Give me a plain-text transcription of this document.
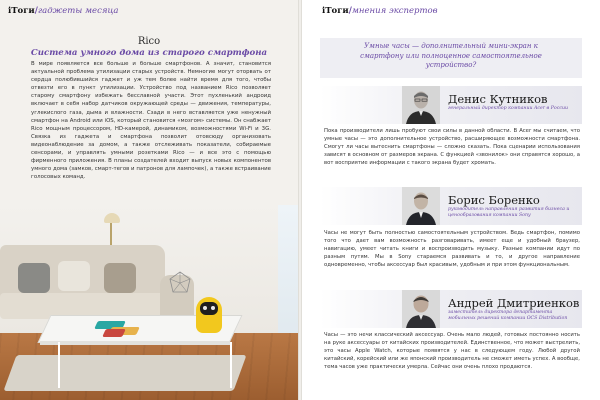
iТоги/гаджеты месяца
Rico
Система умного дома из старого смартфона

В мире появляется все больше и больше смартфонов. А значит, становится актуальной проблема утилизации старых устройств. Немногие могут оторвать от сердца полюбившийся гаджет и уж тем более найти время для того, чтобы отвезти его в пункт утилизации. Устройство под названием Rico позволяет старому смартфону избежать бесславной участи. Этот пухленький андроид включает в себя набор датчиков окружающей среды — движения, температуры, углекислого газа, дыма и влажности. Сзади в него вставляется уже ненужный смартфон на Android или iOS, который становится «мозгом» системы. Он снабжает Rico мощным процессором, HD-камерой, динамиком, возможностями Wi-Fi и 3G. Связка из гаджета и смартфона позволит отовсюду организовать видеонаблюдение за домом, а также отслеживать показатели, собираемые сенсорами, и управлять умными розетками Rico — и все это с помощью фирменного приложения. В планы создателей входит выпуск новых компонентов умного дома (замков, смарт-тегов и патронов для лампочек), а также встраивание голосовых команд.

iТоги/мнения экспертов

Умные часы — дополнительный мини-экран к смартфону или полноценное самостоятельное устройство?

Денис Кутников

генеральный директор компании Acer в России

Пока производители лишь пробуют свои силы в данной области. В Acer мы считаем, что умные часы — это дополнительное устройство, расширяющее возможности смартфона. Смогут ли часы вытеснить смартфоны — сложно сказать. Пока сценарии использования зависят в основном от размеров экрана. С функцией «звонилок» они справятся хорошо, а вот восприятие информации с такого экрана будет хромать.

Борис Боренко

руководитель направления развития бизнеса и ценообразования компании Sony

Часы не могут быть полностью самостоятельным устройством. Ведь смартфон, помимо того что дает вам возможность разговаривать, имеет еще и удобный браузер, навигацию, умеет читать книги и воспроизводить музыку. Разные компании идут по разным путям. Мы в Sony стараемся развивать и то, и другое направление одновременно, чтобы аксессуар был красивым, удобным и при этом функциональным.

Андрей Дмитриенков

заместитель директора департамента мобильных решений компании OCS Distribution

Часы — это нечи классический аксессуар. Очень мало людей, готовых постоянно носить на руке аксессуары от китайских производителей. Единственное, что может выстрелить, это часы Apple Watch, которые появятся у нас в следующем году. Любой другой китайский, корейский или же японский производитель не сможет иметь успех. А вообще, тема часов уже практически умерла. Сейчас они очень плохо продаются.
